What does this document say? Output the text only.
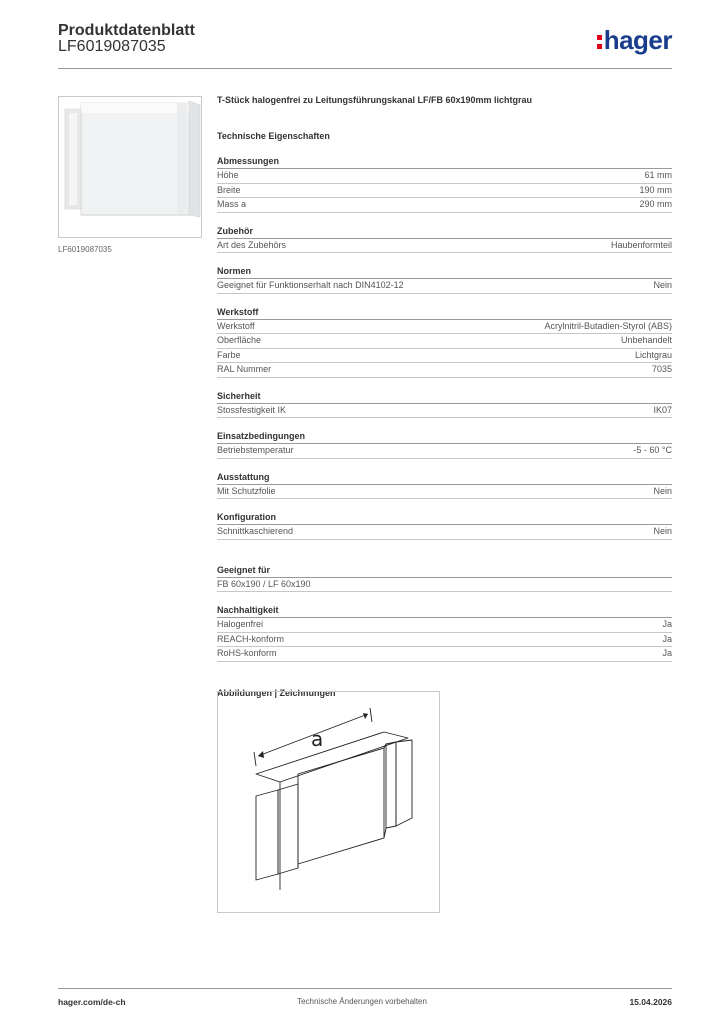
Produktdatenblatt
LF6019087035	hager
LF6019087035
T-Stück halogenfrei zu Leitungsführungskanal LF/FB 60x190mm lichtgrau
Technische Eigenschaften
Abmessungen
Höhe	61 mm
Breite	190 mm
Mass a	290 mm
Zubehör
Art des Zubehörs	Haubenformteil
Normen
Geeignet für Funktionserhalt nach DIN4102-12	Nein
Werkstoff
Werkstoff	Acrylnitril-Butadien-Styrol (ABS)
Oberfläche	Unbehandelt
Farbe	Lichtgrau
RAL Nummer	7035
Sicherheit
Stossfestigkeit IK	IK07
Einsatzbedingungen
Betriebstemperatur	-5 - 60 °C
Ausstattung
Mit Schutzfolie	Nein
Konfiguration
Schnittkaschierend	Nein
Geeignet für
FB 60x190 / LF 60x190
Nachhaltigkeit
Halogenfrei	Ja
REACH-konform	Ja
RoHS-konform	Ja
Abbildungen | Zeichnungen
a
hager.com/de-ch	Technische Änderungen vorbehalten	15.04.2026
